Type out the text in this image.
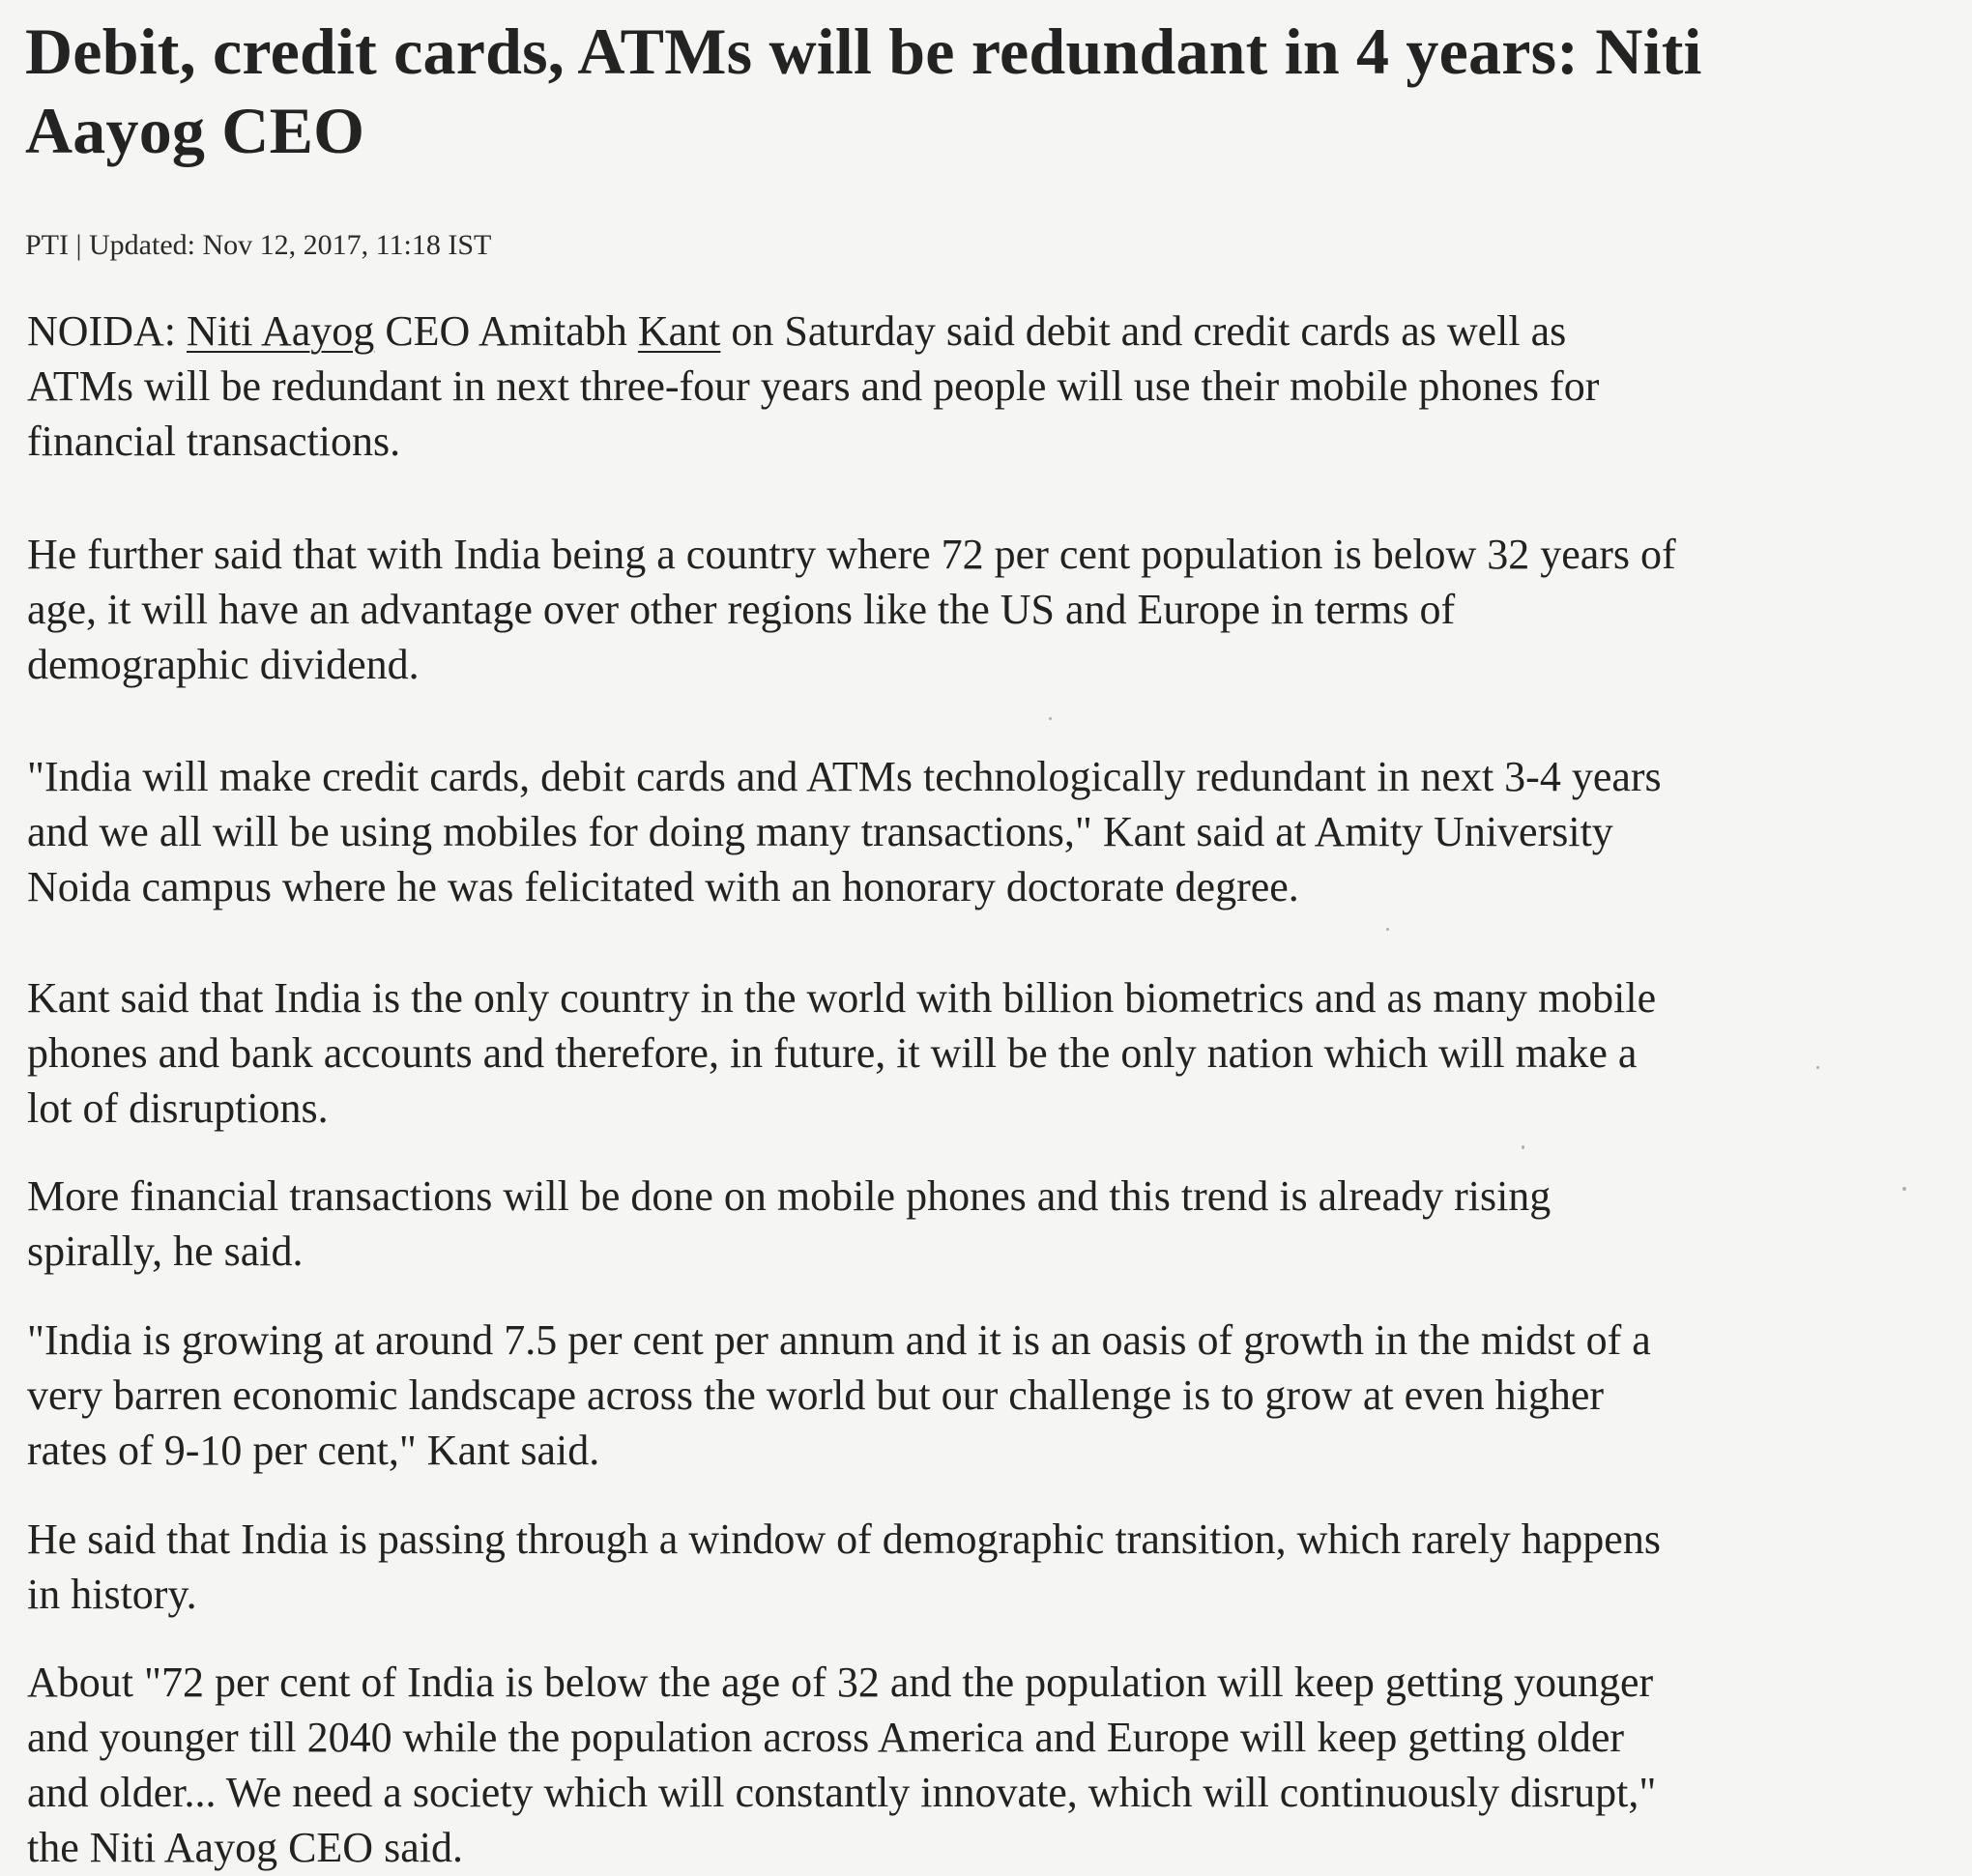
Debit, credit cards, ATMs will be redundant in 4 years: Niti
Aayog CEO
PTI | Updated: Nov 12, 2017, 11:18 IST

NOIDA: Niti Aayog CEO Amitabh Kant on Saturday said debit and credit cards as well as
ATMs will be redundant in next three-four years and people will use their mobile phones for
financial transactions.

He further said that with India being a country where 72 per cent population is below 32 years of
age, it will have an advantage over other regions like the US and Europe in terms of
demographic dividend.

"India will make credit cards, debit cards and ATMs technologically redundant in next 3-4 years
and we all will be using mobiles for doing many transactions," Kant said at Amity University
Noida campus where he was felicitated with an honorary doctorate degree.

Kant said that India is the only country in the world with billion biometrics and as many mobile
phones and bank accounts and therefore, in future, it will be the only nation which will make a
lot of disruptions.

More financial transactions will be done on mobile phones and this trend is already rising
spirally, he said.

"India is growing at around 7.5 per cent per annum and it is an oasis of growth in the midst of a
very barren economic landscape across the world but our challenge is to grow at even higher
rates of 9-10 per cent," Kant said.

He said that India is passing through a window of demographic transition, which rarely happens
in history.

About "72 per cent of India is below the age of 32 and the population will keep getting younger
and younger till 2040 while the population across America and Europe will keep getting older
and older... We need a society which will constantly innovate, which will continuously disrupt,"
the Niti Aayog CEO said.
